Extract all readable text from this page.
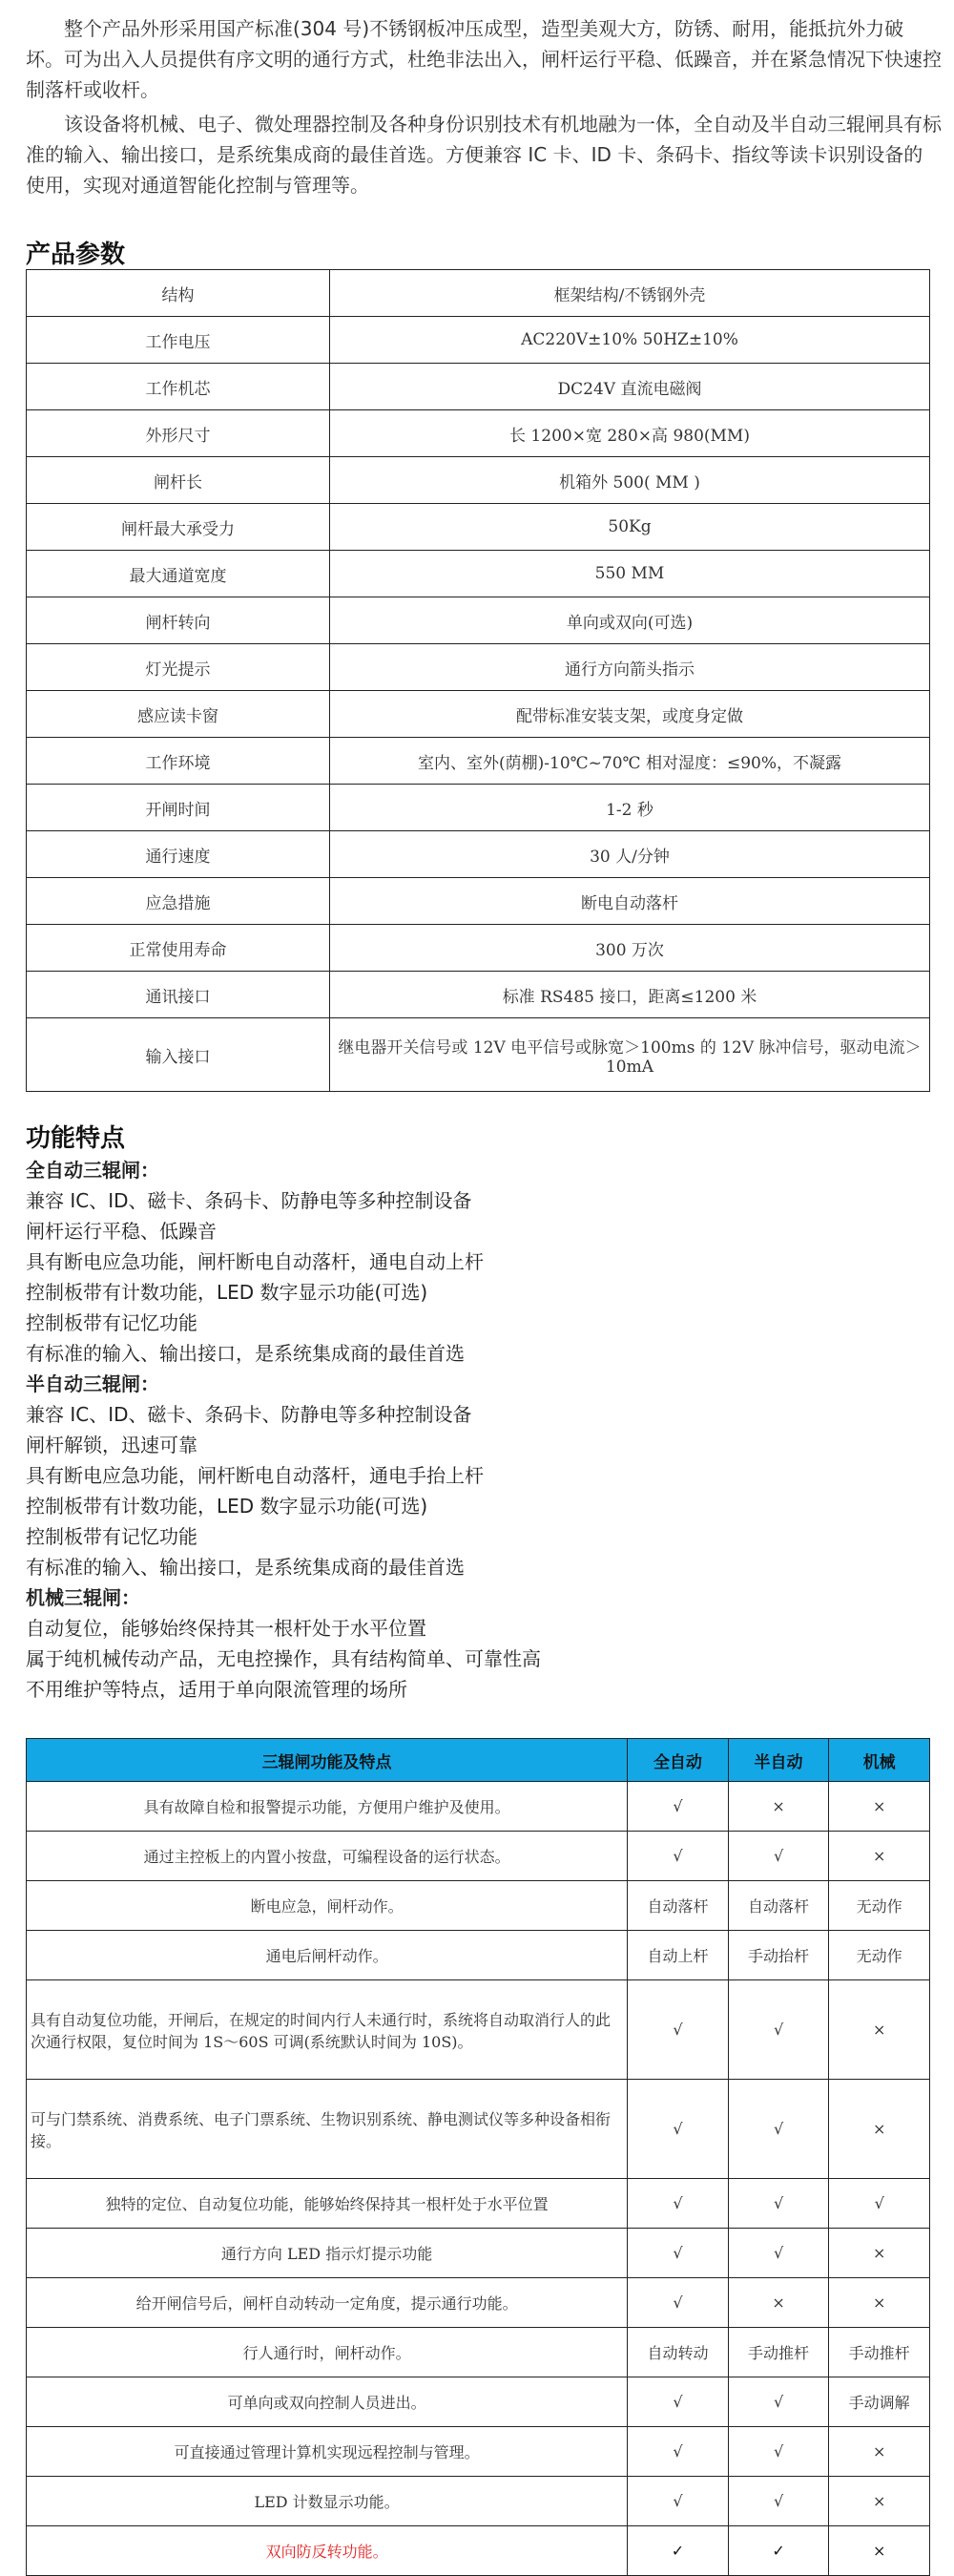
整个产品外形采用国产标准(304 号)不锈钢板冲压成型，造型美观大方，防锈、耐用，能抵抗外力破坏。可为出入人员提供有序文明的通行方式，杜绝非法出入，闸杆运行平稳、低躁音，并在紧急情况下快速控制落杆或收杆。

该设备将机械、电子、微处理器控制及各种身份识别技术有机地融为一体，全自动及半自动三辊闸具有标准的输入、输出接口，是系统集成商的最佳首选。方便兼容 IC 卡、ID 卡、条码卡、指纹等读卡识别设备的使用，实现对通道智能化控制与管理等。

产品参数
结构	框架结构/不锈钢外壳
工作电压	AC220V±10% 50HZ±10%
工作机芯	DC24V 直流电磁阀
外形尺寸	长 1200×宽 280×高 980(MM)
闸杆长	机箱外 500( MM )
闸杆最大承受力	50Kg
最大通道宽度	550 MM
闸杆转向	单向或双向(可选)
灯光提示	通行方向箭头指示
感应读卡窗	配带标准安装支架，或度身定做
工作环境	室内、室外(荫棚)-10℃~70℃ 相对湿度：≤90%，不凝露
开闸时间	1-2 秒
通行速度	30 人/分钟
应急措施	断电自动落杆
正常使用寿命	300 万次
通讯接口	标准 RS485 接口，距离≤1200 米
输入接口	继电器开关信号或 12V 电平信号或脉宽＞100ms 的 12V 脉冲信号，驱动电流＞10mA
功能特点
全自动三辊闸：
兼容 IC、ID、磁卡、条码卡、防静电等多种控制设备
闸杆运行平稳、低躁音
具有断电应急功能，闸杆断电自动落杆，通电自动上杆
控制板带有计数功能，LED 数字显示功能(可选)
控制板带有记忆功能
有标准的输入、输出接口，是系统集成商的最佳首选
半自动三辊闸：
兼容 IC、ID、磁卡、条码卡、防静电等多种控制设备
闸杆解锁，迅速可靠
具有断电应急功能，闸杆断电自动落杆，通电手抬上杆
控制板带有计数功能，LED 数字显示功能(可选)
控制板带有记忆功能
有标准的输入、输出接口，是系统集成商的最佳首选
机械三辊闸：
自动复位，能够始终保持其一根杆处于水平位置
属于纯机械传动产品，无电控操作，具有结构简单、可靠性高
不用维护等特点，适用于单向限流管理的场所
三辊闸功能及特点	全自动	半自动	机械
具有故障自检和报警提示功能，方便用户维护及使用。	√	×	×
通过主控板上的内置小按盘，可编程设备的运行状态。	√	√	×
断电应急，闸杆动作。	自动落杆	自动落杆	无动作
通电后闸杆动作。	自动上杆	手动抬杆	无动作
具有自动复位功能，开闸后，在规定的时间内行人未通行时，系统将自动取消行人的此次通行权限，复位时间为 1S～60S 可调(系统默认时间为 10S)。	√	√	×
可与门禁系统、消费系统、电子门票系统、生物识别系统、静电测试仪等多种设备相衔接。	√	√	×
独特的定位、自动复位功能，能够始终保持其一根杆处于水平位置	√	√	√
通行方向 LED 指示灯提示功能	√	√	×
给开闸信号后，闸杆自动转动一定角度，提示通行功能。	√	×	×
行人通行时，闸杆动作。	自动转动	手动推杆	手动推杆
可单向或双向控制人员进出。	√	√	手动调解
可直接通过管理计算机实现远程控制与管理。	√	√	×
LED 计数显示功能。	√	√	×
双向防反转功能。	✓	✓	×
